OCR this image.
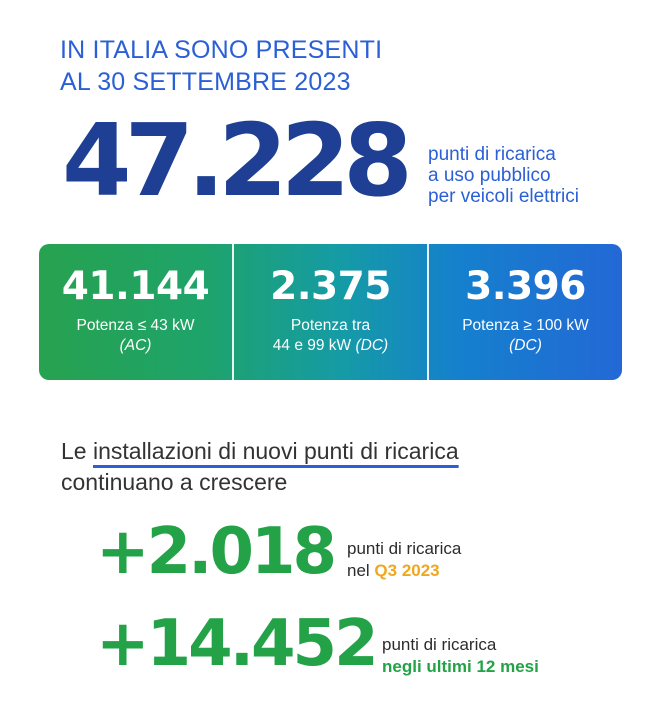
IN ITALIA SONO PRESENTI
AL 30 SETTEMBRE 2023
47.228 punti di ricarica
a uso pubblico
per veicoli elettrici
41.144
Potenza ≤ 43 kW
(AC)
2.375
Potenza tra
44 e 99 kW (DC)
3.396
Potenza ≥ 100 kW
(DC)
Le installazioni di nuovi punti di ricarica
continuano a crescere
+2.018 punti di ricarica
nel Q3 2023
+14.452 punti di ricarica
negli ultimi 12 mesi
